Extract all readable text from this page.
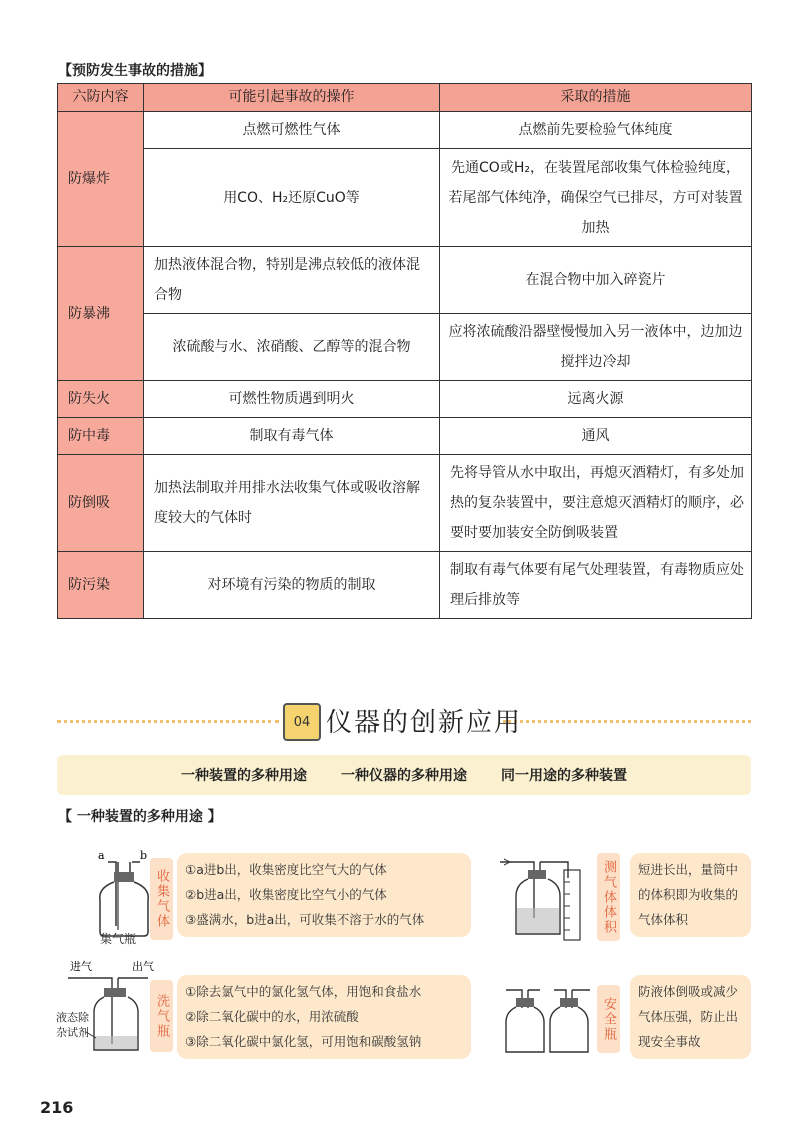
【预防发生事故的措施】
六防内容	可能引起事故的操作	采取的措施
防爆炸	点燃可燃性气体	点燃前先要检验气体纯度
	用CO、H₂还原CuO等	先通CO或H₂，在装置尾部收集气体检验纯度，若尾部气体纯净，确保空气已排尽，方可对装置加热
防暴沸	加热液体混合物，特别是沸点较低的液体混合物	在混合物中加入碎瓷片
	浓硫酸与水、浓硝酸、乙醇等的混合物	应将浓硫酸沿器壁慢慢加入另一液体中，边加边搅拌边冷却
防失火	可燃性物质遇到明火	远离火源
防中毒	制取有毒气体	通风
防倒吸	加热法制取并用排水法收集气体或吸收溶解度较大的气体时	先将导管从水中取出，再熄灭酒精灯，有多处加热的复杂装置中，要注意熄灭酒精灯的顺序，必要时要加装安全防倒吸装置
防污染	对环境有污染的物质的制取	制取有毒气体要有尾气处理装置，有毒物质应处理后排放等
04 仪器的创新应用
一种装置的多种用途 一种仪器的多种用途 同一用途的多种装置
【 一种装置的多种用途 】
a	b
集气瓶
收集气体	①a进b出，收集密度比空气大的气体
②b进a出，收集密度比空气小的气体
③盛满水，b进a出，可收集不溶于水的气体	测气体体积	短进长出，量筒中的体积即为收集的气体体积
进气	出气
液态除杂试剂	洗气瓶
①除去氯气中的氯化氢气体，用饱和食盐水
②除二氧化碳中的水，用浓硫酸
③除二氧化碳中氯化氢，可用饱和碳酸氢钠	安全瓶
防液体倒吸或减少气体压强，防止出现安全事故
216
